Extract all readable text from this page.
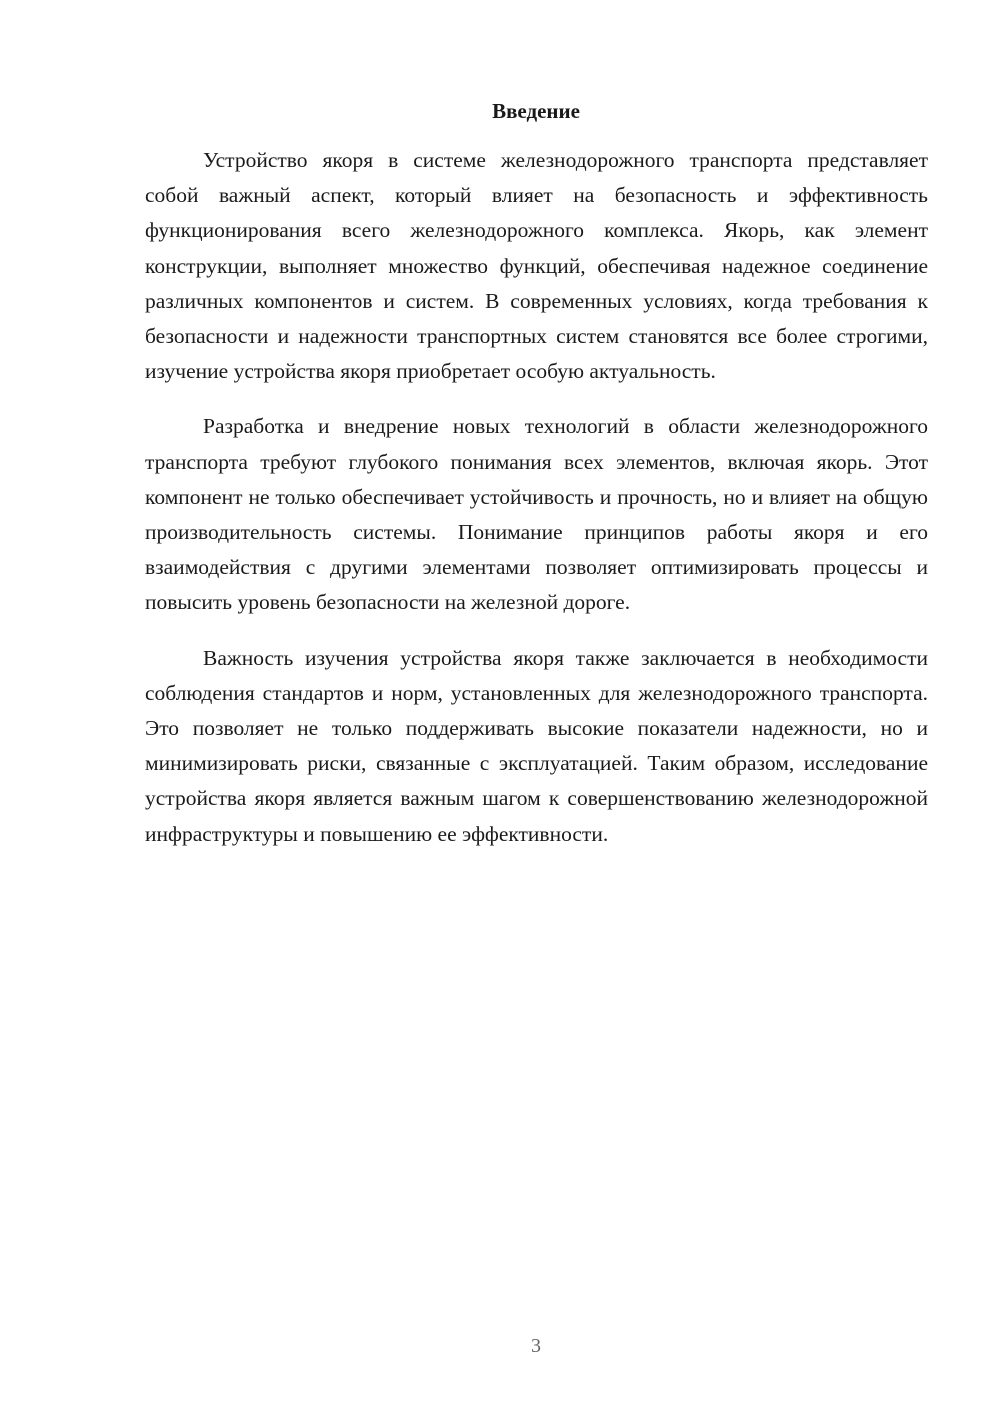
Введение

Устройство якоря в системе железнодорожного транспорта представляет собой важный аспект, который влияет на безопасность и эффективность функционирования всего железнодорожного комплекса. Якорь, как элемент конструкции, выполняет множество функций, обеспечивая надежное соединение различных компонентов и систем. В современных условиях, когда требования к безопасности и надежности транспортных систем становятся все более строгими, изучение устройства якоря приобретает особую актуальность.

Разработка и внедрение новых технологий в области железнодорожного транспорта требуют глубокого понимания всех элементов, включая якорь. Этот компонент не только обеспечивает устойчивость и прочность, но и влияет на общую производительность системы. Понимание принципов работы якоря и его взаимодействия с другими элементами позволяет оптимизировать процессы и повысить уровень безопасности на железной дороге.

Важность изучения устройства якоря также заключается в необходимости соблюдения стандартов и норм, установленных для железнодорожного транспорта. Это позволяет не только поддерживать высокие показатели надежности, но и минимизировать риски, связанные с эксплуатацией. Таким образом, исследование устройства якоря является важным шагом к совершенствованию железнодорожной инфраструктуры и повышению ее эффективности.

3
